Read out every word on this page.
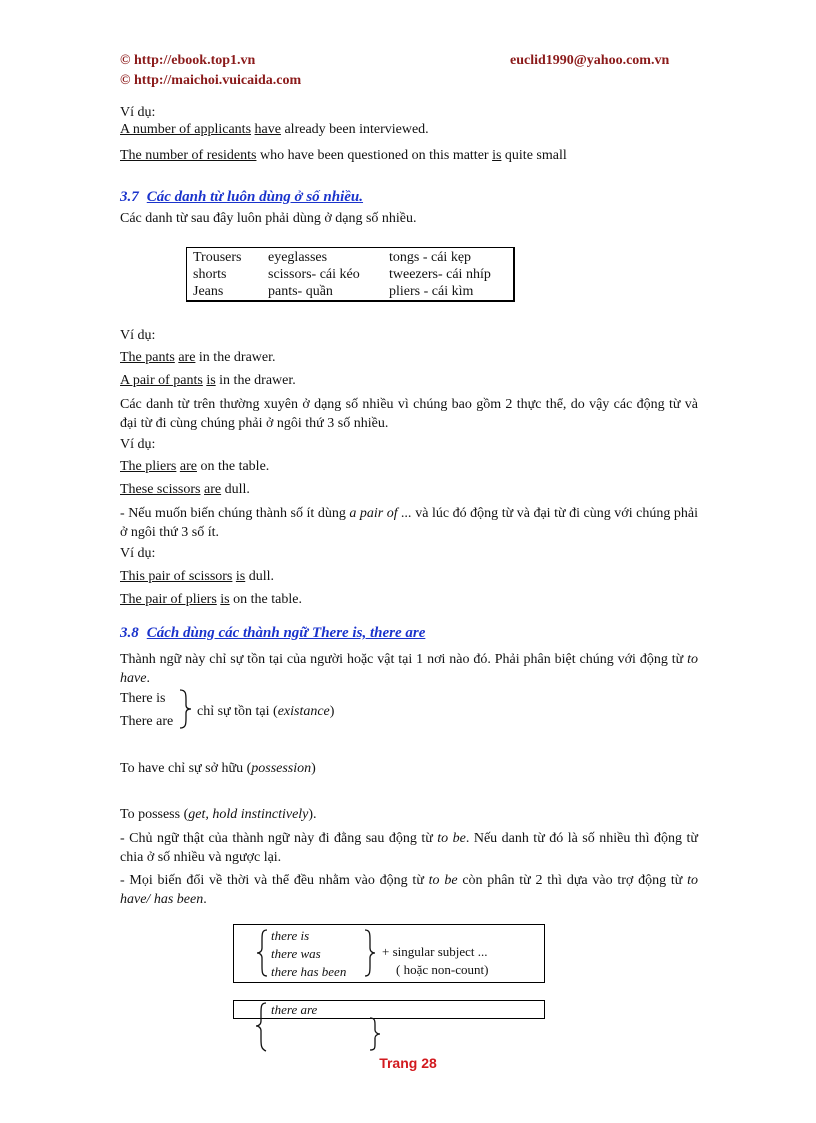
© http://ebook.top1.vn
© http://maichoi.vuicaida.com
euclid1990@yahoo.com.vn
Ví dụ:
A number of applicants have already been interviewed.
The number of residents who have been questioned on this matter is quite small
3.7 Các danh từ luôn dùng ở số nhiều.
Các danh từ sau đây luôn phải dùng ở dạng số nhiều.
Trousers	eyeglasses	tongs - cái kẹp
shorts	scissors- cái kéo	tweezers- cái nhíp
Jeans	pants- quần	pliers - cái kìm
Ví dụ:
The pants are in the drawer.
A pair of pants is in the drawer.
Các danh từ trên thường xuyên ở dạng số nhiều vì chúng bao gồm 2 thực thể, do vậy các động từ và đại từ đi cùng chúng phải ở ngôi thứ 3 số nhiều.
Ví dụ:
The pliers are on the table.
These scissors are dull.
- Nếu muốn biến chúng thành số ít dùng a pair of ... và lúc đó động từ và đại từ đi cùng với chúng phải ở ngôi thứ 3 số ít.
Ví dụ:
This pair of scissors is dull.
The pair of pliers is on the table.
3.8 Cách dùng các thành ngữ There is, there are
Thành ngữ này chỉ sự tồn tại của người hoặc vật tại 1 nơi nào đó. Phải phân biệt chúng với động từ to have.
There is
There are
chỉ sự tồn tại (existance)
To have chỉ sự sở hữu (possession)
To possess (get, hold instinctively).
- Chủ ngữ thật của thành ngữ này đi đằng sau động từ to be. Nếu danh từ đó là số nhiều thì động từ chia ở số nhiều và ngược lại.
- Mọi biến đổi về thời và thể đều nhằm vào động từ to be còn phân từ 2 thì dựa vào trợ động từ to have/ has been.
there is
there was
there has been
+ singular subject ...
( hoặc non-count)
there are
Trang 28
